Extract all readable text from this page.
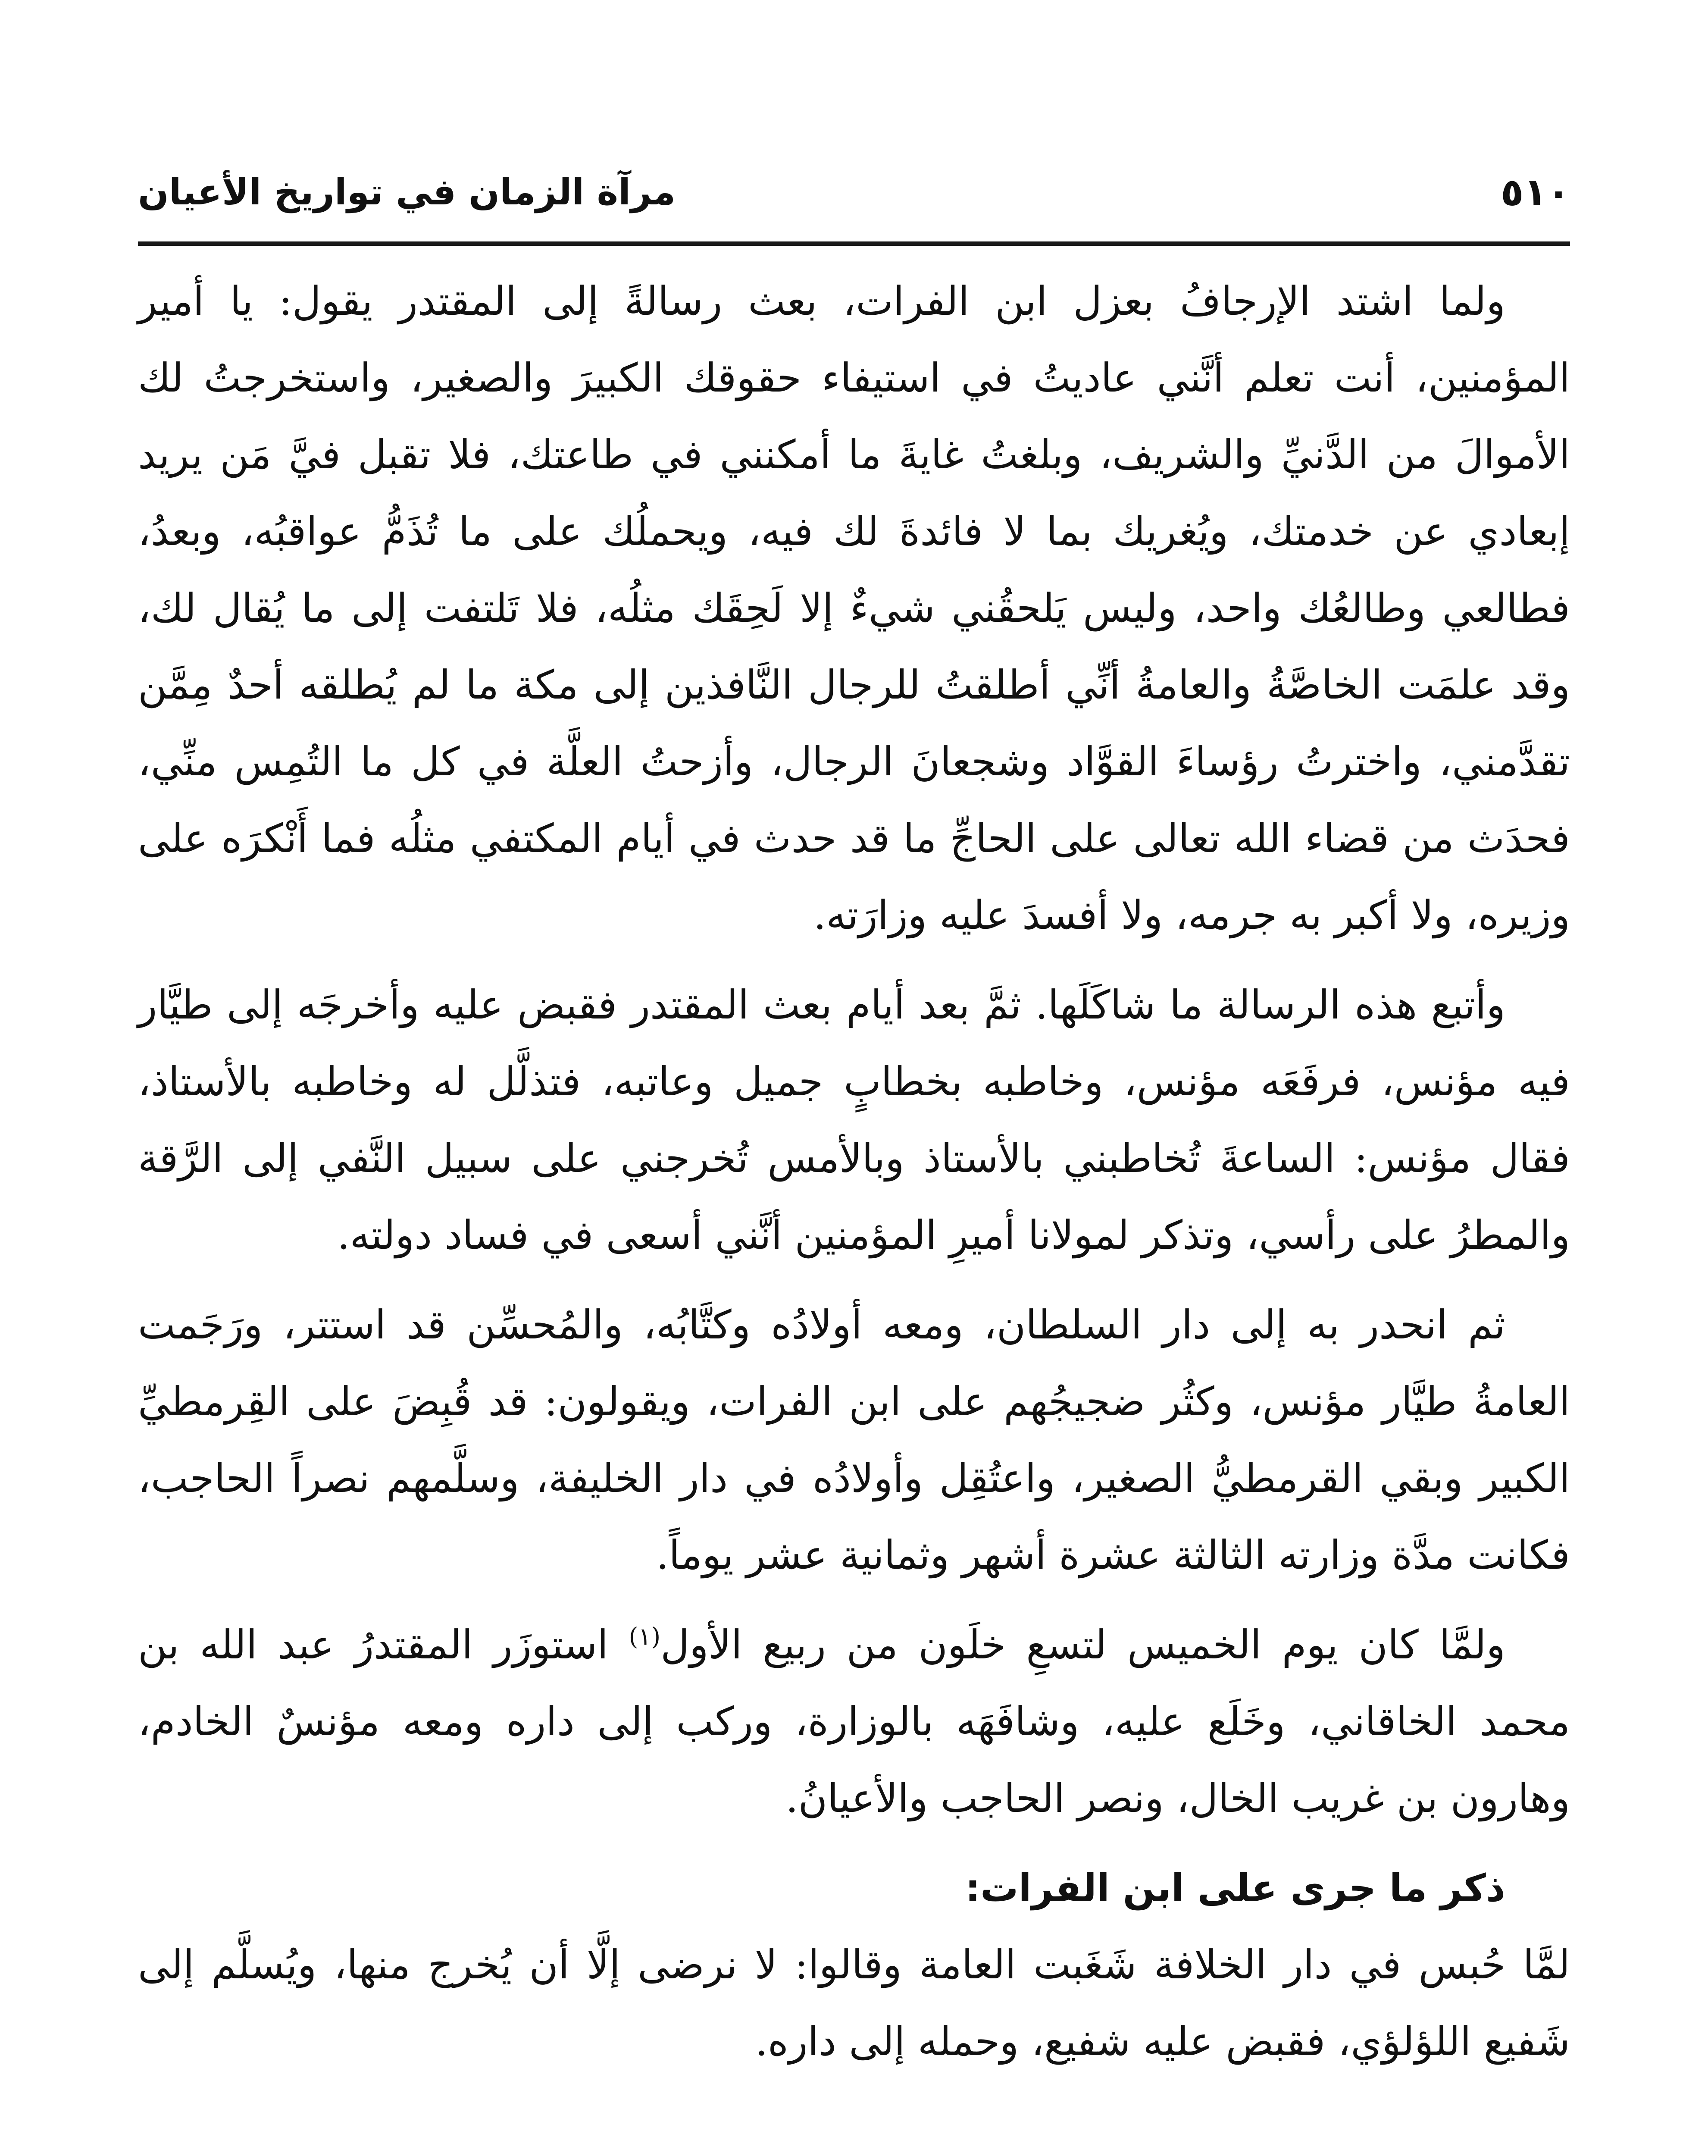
٥١٠
مرآة الزمان في تواريخ الأعيان

ولما اشتد الإرجافُ بعزل ابن الفرات، بعث رسالةً إلى المقتدر يقول: يا أمير المؤمنين، أنت تعلم أنَّني عاديتُ في استيفاء حقوقك الكبيرَ والصغير، واستخرجتُ لك الأموالَ من الدَّنيِّ والشريف، وبلغتُ غايةَ ما أمكنني في طاعتك، فلا تقبل فيَّ مَن يريد إبعادي عن خدمتك، ويُغريك بما لا فائدةَ لك فيه، ويحملُك على ما تُذَمُّ عواقبُه، وبعدُ، فطالعي وطالعُك واحد، وليس يَلحقُني شيءٌ إلا لَحِقَك مثلُه، فلا تَلتفت إلى ما يُقال لك، وقد علمَت الخاصَّةُ والعامةُ أنِّي أطلقتُ للرجال النَّافذين إلى مكة ما لم يُطلقه أحدٌ مِمَّن تقدَّمني، واخترتُ رؤساءَ القوَّاد وشجعانَ الرجال، وأزحتُ العلَّة في كل ما التُمِس منِّي، فحدَث من قضاء الله تعالى على الحاجِّ ما قد حدث في أيام المكتفي مثلُه فما أَنْكرَه على وزيره، ولا أكبر به جرمه، ولا أفسدَ عليه وزارَته.

وأتبع هذه الرسالة ما شاكَلَها. ثمَّ بعد أيام بعث المقتدر فقبض عليه وأخرجَه إلى طيَّار فيه مؤنس، فرفَعَه مؤنس، وخاطبه بخطابٍ جميل وعاتبه، فتذلَّل له وخاطبه بالأستاذ، فقال مؤنس: الساعةَ تُخاطبني بالأستاذ وبالأمس تُخرجني على سبيل النَّفي إلى الرَّقة والمطرُ على رأسي، وتذكر لمولانا أميرِ المؤمنين أنَّني أسعى في فساد دولته.

ثم انحدر به إلى دار السلطان، ومعه أولادُه وكتَّابُه، والمُحسِّن قد استتر، ورَجَمت العامةُ طيَّار مؤنس، وكثُر ضجيجُهم على ابن الفرات، ويقولون: قد قُبِضَ على القِرمطيِّ الكبير وبقي القرمطيُّ الصغير، واعتُقِل وأولادُه في دار الخليفة، وسلَّمهم نصراً الحاجب، فكانت مدَّة وزارته الثالثة عشرة أشهر وثمانية عشر يوماً.

ولمَّا كان يوم الخميس لتسعِ خلَون من ربيع الأول$^{(١)}$ استوزَر المقتدرُ عبد الله بن محمد الخاقاني، وخَلَع عليه، وشافَهَه بالوزارة، وركب إلى داره ومعه مؤنسٌ الخادم، وهارون بن غريب الخال، ونصر الحاجب والأعيانُ.

ذكر ما جرى على ابن الفرات:

لمَّا حُبس في دار الخلافة شَغَبت العامة وقالوا: لا نرضى إلَّا أن يُخرج منها، ويُسلَّم إلى شَفيع اللؤلؤي، فقبض عليه شفيع، وحمله إلى داره.
